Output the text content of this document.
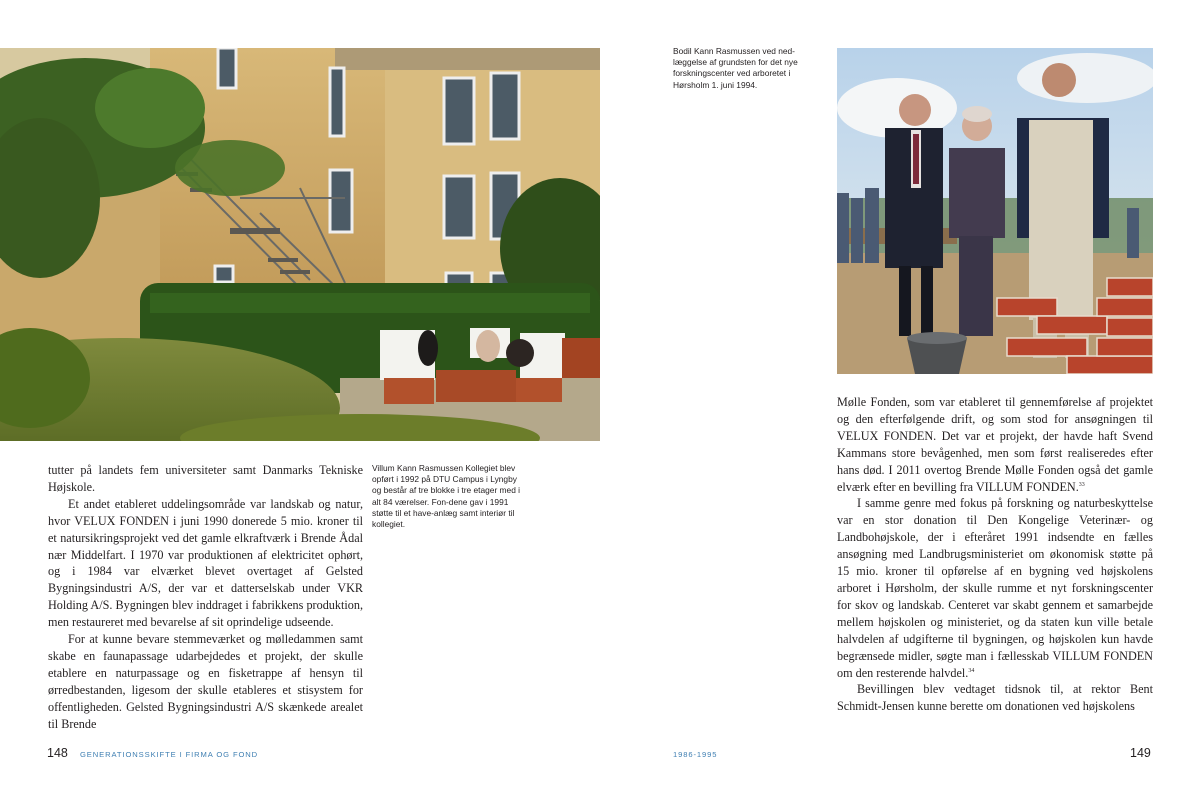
tutter på landets fem universiteter samt Danmarks Tekniske Højskole.

Et andet etableret uddelingsområde var landskab og natur, hvor VELUX FONDEN i juni 1990 donerede 5 mio. kroner til et natursikringsprojekt ved det gamle elkraftværk i Brende Ådal nær Middelfart. I 1970 var produktionen af elektricitet ophørt, og i 1984 var elværket blevet overtaget af Gelsted Bygningsindustri A/S, der var et datterselskab under VKR Holding A/S. Bygningen blev inddraget i fabrikkens produktion, men restaureret med bevarelse af sit oprindelige udseende.

For at kunne bevare stemmeværket og mølledammen samt skabe en faunapassage udarbejdedes et projekt, der skulle etablere en naturpassage og en fisketrappe af hensyn til ørredbestanden, ligesom der skulle etableres et stisystem for offentligheden. Gelsted Bygningsindustri A/S skænkede arealet til Brende

Villum Kann Rasmussen Kollegiet blev opført i 1992 på DTU Campus i Lyngby og består af tre blokke i tre etager med i alt 84 værelser. Fon-dene gav i 1991 støtte til et have-anlæg samt interiør til kollegiet.

148 GENERATIONSSKIFTE I FIRMA OG FOND

Bodil Kann Rasmussen ved ned-læggelse af grundsten for det nye forskningscenter ved arboretet i Hørsholm 1. juni 1994.

Mølle Fonden, som var etableret til gennemførelse af projektet og den efterfølgende drift, og som stod for ansøgningen til VELUX FONDEN. Det var et projekt, der havde haft Svend Kammans store bevågenhed, men som først realiseredes efter hans død. I 2011 overtog Brende Mølle Fonden også det gamle elværk efter en bevilling fra VILLUM FONDEN.$^{33}$

I samme genre med fokus på forskning og naturbeskyttelse var en stor donation til Den Kongelige Veterinær- og Landbohøjskole, der i efteråret 1991 indsendte en fælles ansøgning med Landbrugsministeriet om økonomisk støtte på 15 mio. kroner til opførelse af en bygning ved højskolens arboret i Hørsholm, der skulle rumme et nyt forskningscenter for skov og landskab. Centeret var skabt gennem et samarbejde mellem højskolen og ministeriet, og da staten kun ville betale halvdelen af udgifterne til bygningen, og højskolen kun havde begrænsede midler, søgte man i fællesskab VILLUM FONDEN om den resterende halvdel.$^{34}$

Bevillingen blev vedtaget tidsnok til, at rektor Bent Schmidt-Jensen kunne berette om donationen ved højskolens

1986-1995	149
